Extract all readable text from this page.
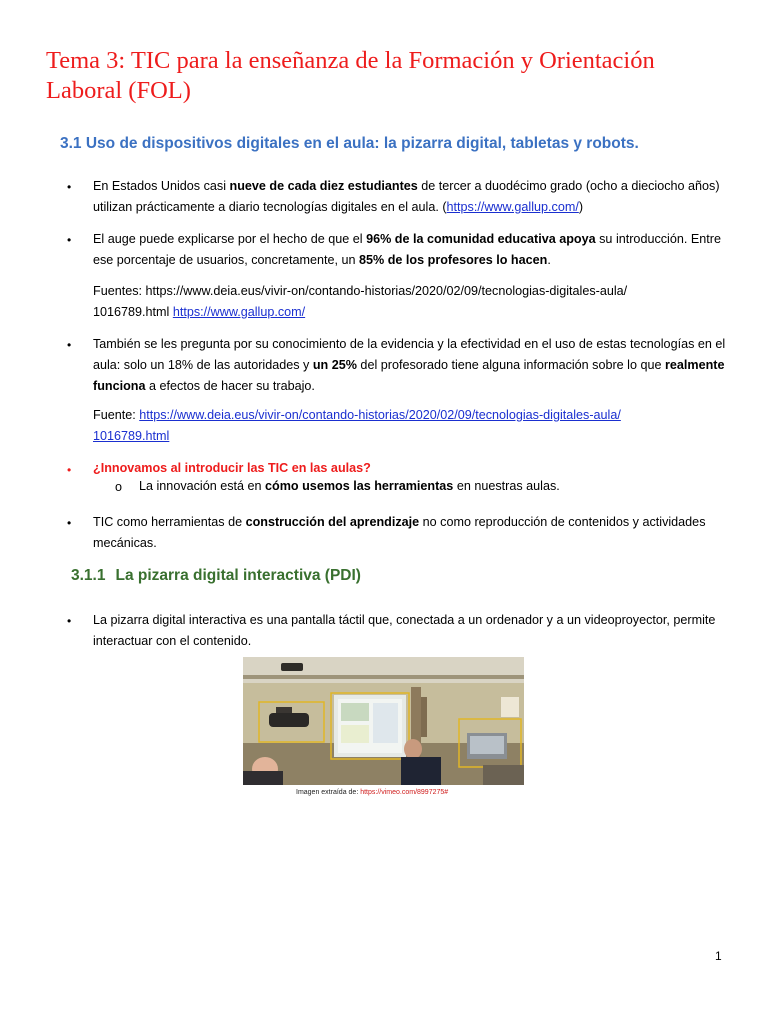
Tema 3: TIC para la enseñanza de la Formación y Orientación Laboral (FOL)
3.1 Uso de dispositivos digitales en el aula: la pizarra digital, tabletas y robots.
• En Estados Unidos casi nueve de cada diez estudiantes de tercer a duodécimo grado (ocho a dieciocho años) utilizan prácticamente a diario tecnologías digitales en el aula. (https://www.gallup.com/)

• El auge puede explicarse por el hecho de que el 96% de la comunidad educativa apoya su introducción. Entre ese porcentaje de usuarios, concretamente, un 85% de los profesores lo hacen.

Fuentes: https://www.deia.eus/vivir-on/contando-historias/2020/02/09/tecnologias-digitales-aula/ 1016789.html https://www.gallup.com/

• También se les pregunta por su conocimiento de la evidencia y la efectividad en el uso de estas tecnologías en el aula: solo un 18% de las autoridades y un 25% del profesorado tiene alguna información sobre lo que realmente funciona a efectos de hacer su trabajo.

Fuente: https://www.deia.eus/vivir-on/contando-historias/2020/02/09/tecnologias-digitales-aula/ 1016789.html

• ¿Innovamos al introducir las TIC en las aulas?

o La innovación está en cómo usemos las herramientas en nuestras aulas.

• TIC como herramientas de construcción del aprendizaje no como reproducción de contenidos y actividades mecánicas.

3.1.1 La pizarra digital interactiva (PDI)
• La pizarra digital interactiva es una pantalla táctil que, conectada a un ordenador y a un videoproyector, permite interactuar con el contenido.

Imagen extraída de: https://vimeo.com/8997275#
1
